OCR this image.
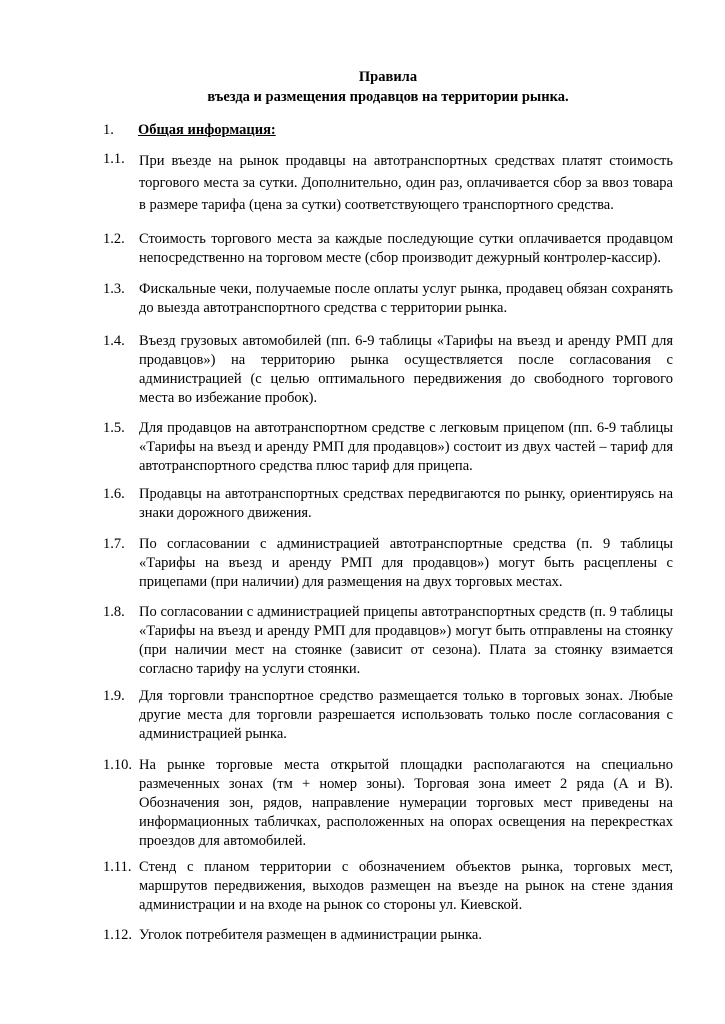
Правила
въезда и размещения продавцов на территории рынка.
1. Общая информация:
1.1. При въезде на рынок продавцы на автотранспортных средствах платят стоимость торгового места за сутки. Дополнительно, один раз, оплачивается сбор за ввоз товара в размере тарифа (цена за сутки) соответствующего транспортного средства.
1.2. Стоимость торгового места за каждые последующие сутки оплачивается продавцом непосредственно на торговом месте (сбор производит дежурный контролер-кассир).
1.3. Фискальные чеки, получаемые после оплаты услуг рынка, продавец обязан сохранять до выезда автотранспортного средства с территории рынка.
1.4. Въезд грузовых автомобилей (пп. 6-9 таблицы «Тарифы на въезд и аренду РМП для продавцов») на территорию рынка осуществляется после согласования с администрацией (с целью оптимального передвижения до свободного торгового места во избежание пробок).
1.5. Для продавцов на автотранспортном средстве с легковым прицепом (пп. 6-9 таблицы «Тарифы на въезд и аренду РМП для продавцов») состоит из двух частей – тариф для автотранспортного средства плюс тариф для прицепа.
1.6. Продавцы на автотранспортных средствах передвигаются по рынку, ориентируясь на знаки дорожного движения.
1.7. По согласовании с администрацией автотранспортные средства (п. 9 таблицы «Тарифы на въезд и аренду РМП для продавцов») могут быть расцеплены с прицепами (при наличии) для размещения на двух торговых местах.
1.8. По согласовании с администрацией прицепы автотранспортных средств (п. 9 таблицы «Тарифы на въезд и аренду РМП для продавцов») могут быть отправлены на стоянку (при наличии мест на стоянке (зависит от сезона). Плата за стоянку взимается согласно тарифу на услуги стоянки.
1.9. Для торговли транспортное средство размещается только в торговых зонах. Любые другие места для торговли разрешается использовать только после согласования с администрацией рынка.
1.10. На рынке торговые места открытой площадки располагаются на специально размеченных зонах (тм + номер зоны). Торговая зона имеет 2 ряда (А и В). Обозначения зон, рядов, направление нумерации торговых мест приведены на информационных табличках, расположенных на опорах освещения на перекрестках проездов для автомобилей.
1.11. Стенд с планом территории с обозначением объектов рынка, торговых мест, маршрутов передвижения, выходов размещен на въезде на рынок на стене здания администрации и на входе на рынок со стороны ул. Киевской.
1.12. Уголок потребителя размещен в администрации рынка.
